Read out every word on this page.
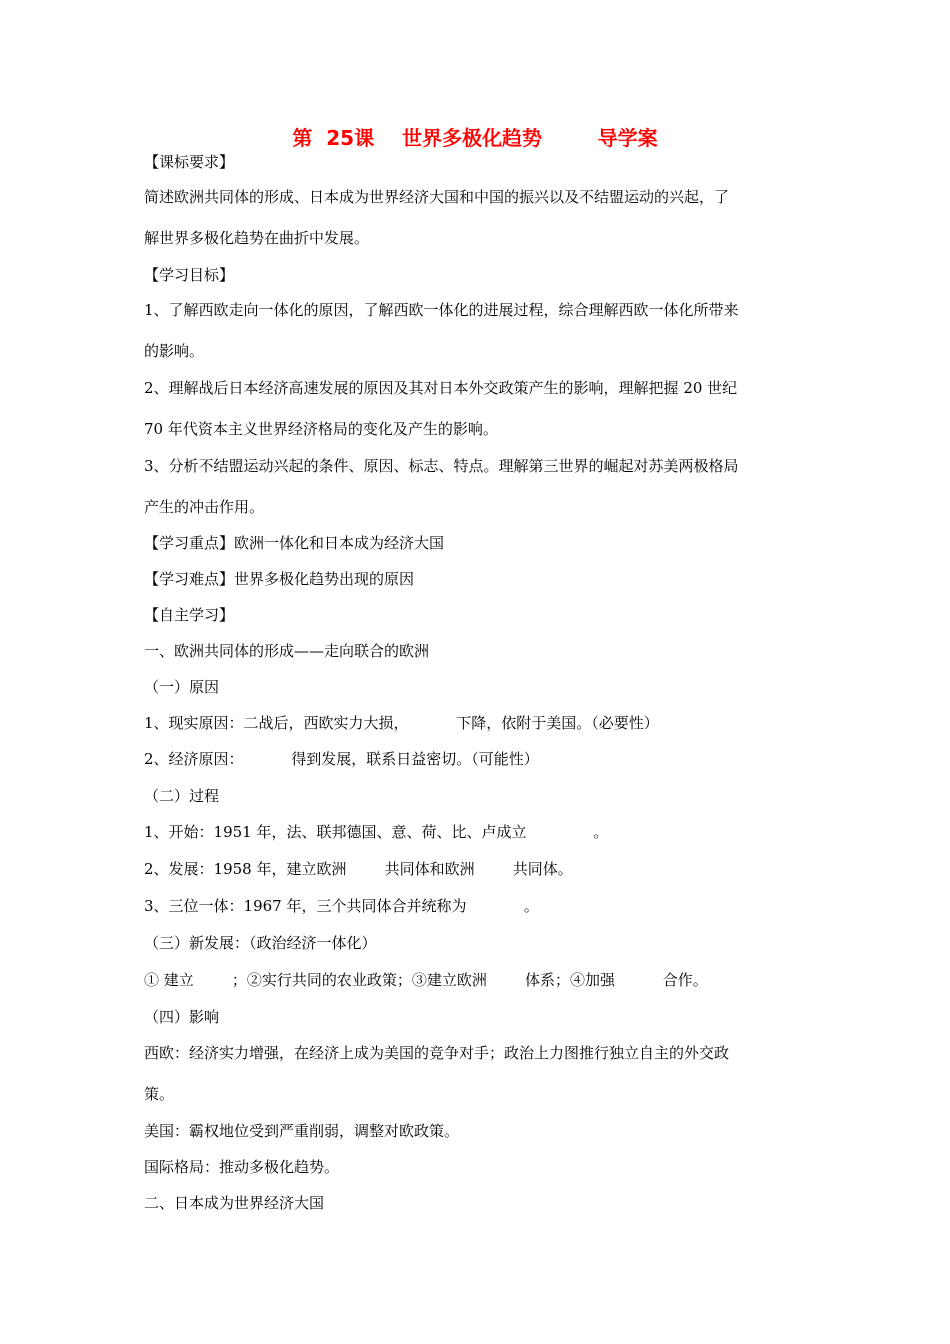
第  25课    世界多极化趋势        导学案
【课标要求】
简述欧洲共同体的形成、日本成为世界经济大国和中国的振兴以及不结盟运动的兴起，了
解世界多极化趋势在曲折中发展。
【学习目标】
1、了解西欧走向一体化的原因，了解西欧一体化的进展过程，综合理解西欧一体化所带来
的影响。
2、理解战后日本经济高速发展的原因及其对日本外交政策产生的影响，理解把握 20 世纪
70 年代资本主义世界经济格局的变化及产生的影响。
3、分析不结盟运动兴起的条件、原因、标志、特点。理解第三世界的崛起对苏美两极格局
产生的冲击作用。
【学习重点】欧洲一体化和日本成为经济大国
【学习难点】世界多极化趋势出现的原因
【自主学习】
一、欧洲共同体的形成——走向联合的欧洲
（一）原因
1、现实原因：二战后，西欧实力大损，          下降，依附于美国。（必要性）
2、经济原因：          得到发展，联系日益密切。（可能性）
（二）过程
1、开始：1951 年，法、联邦德国、意、荷、比、卢成立              。
2、发展：1958 年，建立欧洲        共同体和欧洲        共同体。
3、三位一体：1967 年，三个共同体合并统称为            。
（三）新发展：（政治经济一体化）
① 建立        ；②实行共同的农业政策；③建立欧洲        体系；④加强          合作。
（四）影响
西欧：经济实力增强，在经济上成为美国的竞争对手；政治上力图推行独立自主的外交政
策。
美国：霸权地位受到严重削弱，调整对欧政策。
国际格局：推动多极化趋势。
二、日本成为世界经济大国
